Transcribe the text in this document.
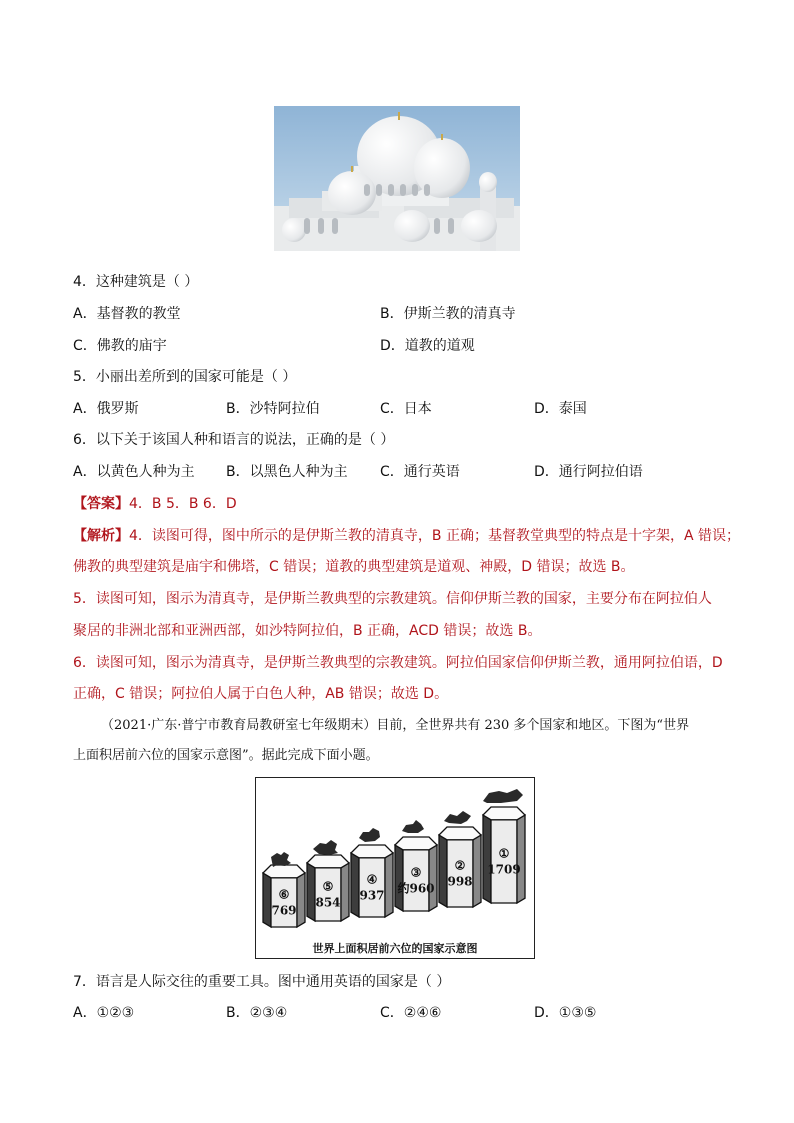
4．这种建筑是（ ）
A．基督教的教堂	B．伊斯兰教的清真寺
C．佛教的庙宇	D．道教的道观
5．小丽出差所到的国家可能是（ ）
A．俄罗斯	B．沙特阿拉伯	C．日本	D．泰国
6．以下关于该国人种和语言的说法，正确的是（ ）
A．以黄色人种为主 B．以黑色人种为主 C．通行英语	D．通行阿拉伯语
【答案】4．B 5．B 6．D
【解析】4．读图可得，图中所示的是伊斯兰教的清真寺，B 正确；基督教堂典型的特点是十字架，A 错误；
佛教的典型建筑是庙宇和佛塔，C 错误；道教的典型建筑是道观、神殿，D 错误；故选 B。
5．读图可知，图示为清真寺，是伊斯兰教典型的宗教建筑。信仰伊斯兰教的国家，主要分布在阿拉伯人
聚居的非洲北部和亚洲西部，如沙特阿拉伯，B 正确，ACD 错误；故选 B。
6．读图可知，图示为清真寺，是伊斯兰教典型的宗教建筑。阿拉伯国家信仰伊斯兰教，通用阿拉伯语，D
正确，C 错误；阿拉伯人属于白色人种，AB 错误；故选 D。
（2021·广东·普宁市教育局教研室七年级期末）目前，全世界共有 230 多个国家和地区。下图为“世界
上面积居前六位的国家示意图”。据此完成下面小题。
⑥
769
⑤
854
④
937
③
约960
②
998
①
1709
世界上面积居前六位的国家示意图
7．语言是人际交往的重要工具。图中通用英语的国家是（ ）
A．①②③	B．②③④	C．②④⑥	D．①③⑤
